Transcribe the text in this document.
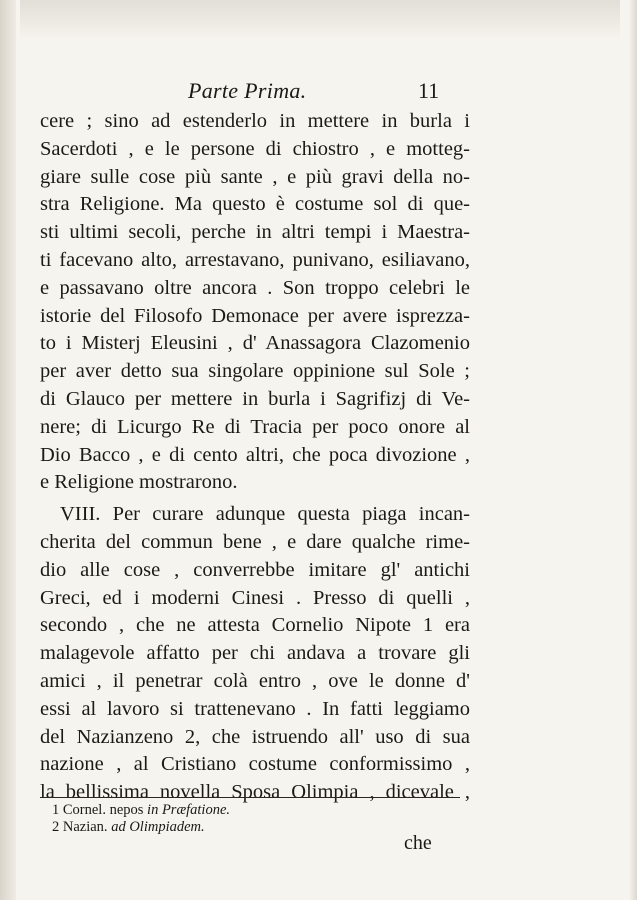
Parte Prima.	11
cere ; sino ad estenderlo in mettere in burla i
Sacerdoti , e le persone di chiostro , e motteg-
giare sulle cose più sante , e più gravi della no-
stra Religione. Ma questo è costume sol di que-
sti ultimi secoli, perche in altri tempi i Maestra-
ti facevano alto, arrestavano, punivano, esiliavano,
e passavano oltre ancora . Son troppo celebri le
istorie del Filosofo Demonace per avere isprezza-
to i Misterj Eleusini , d' Anassagora Clazomenio
per aver detto sua singolare oppinione sul Sole ;
di Glauco per mettere in burla i Sagrifizj di Ve-
nere; di Licurgo Re di Tracia per poco onore al
Dio Bacco , e di cento altri, che poca divozione ,
e Religione mostrarono.
VIII. Per curare adunque questa piaga incan-
cherita del commun bene , e dare qualche rime-
dio alle cose , converrebbe imitare gl' antichi
Greci, ed i moderni Cinesi . Presso di quelli ,
secondo , che ne attesta Cornelio Nipote 1 era
malagevole affatto per chi andava a trovare gli
amici , il penetrar colà entro , ove le donne d'
essi al lavoro si trattenevano . In fatti leggiamo
del Nazianzeno 2, che istruendo all' uso di sua
nazione , al Cristiano costume conformissimo ,
la bellissima novella Sposa Olimpia , dicevale ,
1 Cornel. nepos in Præfatione.
2 Nazian. ad Olimpiadem.
che
